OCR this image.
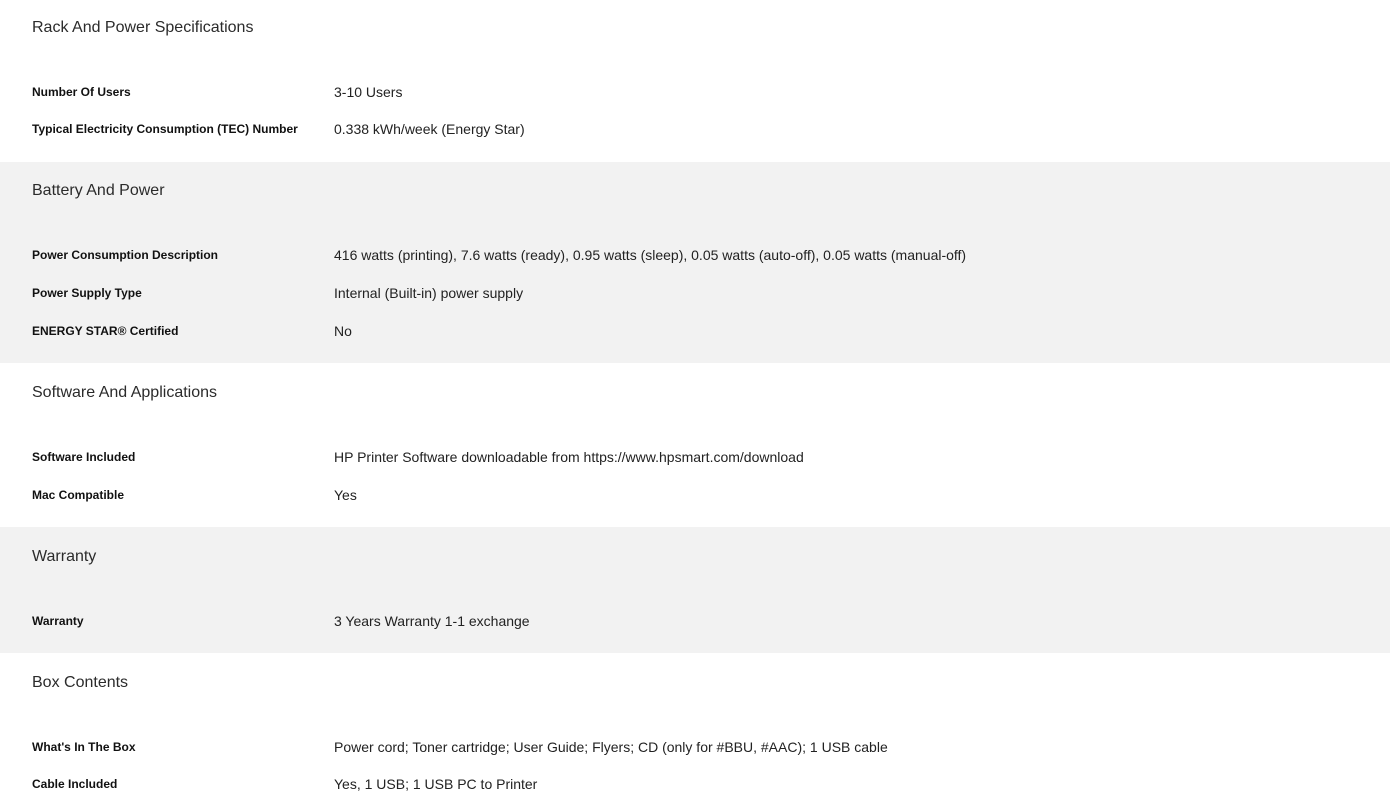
Rack And Power Specifications
Number Of Users	3-10 Users
Typical Electricity Consumption (TEC) Number	0.338 kWh/week (Energy Star)
Battery And Power
Power Consumption Description	416 watts (printing), 7.6 watts (ready), 0.95 watts (sleep), 0.05 watts (auto-off), 0.05 watts (manual-off)
Power Supply Type	Internal (Built-in) power supply
ENERGY STAR® Certified	No
Software And Applications
Software Included	HP Printer Software downloadable from https://www.hpsmart.com/download
Mac Compatible	Yes
Warranty
Warranty	3 Years Warranty 1-1 exchange
Box Contents
What's In The Box	Power cord; Toner cartridge; User Guide; Flyers; CD (only for #BBU, #AAC); 1 USB cable
Cable Included	Yes, 1 USB; 1 USB PC to Printer
